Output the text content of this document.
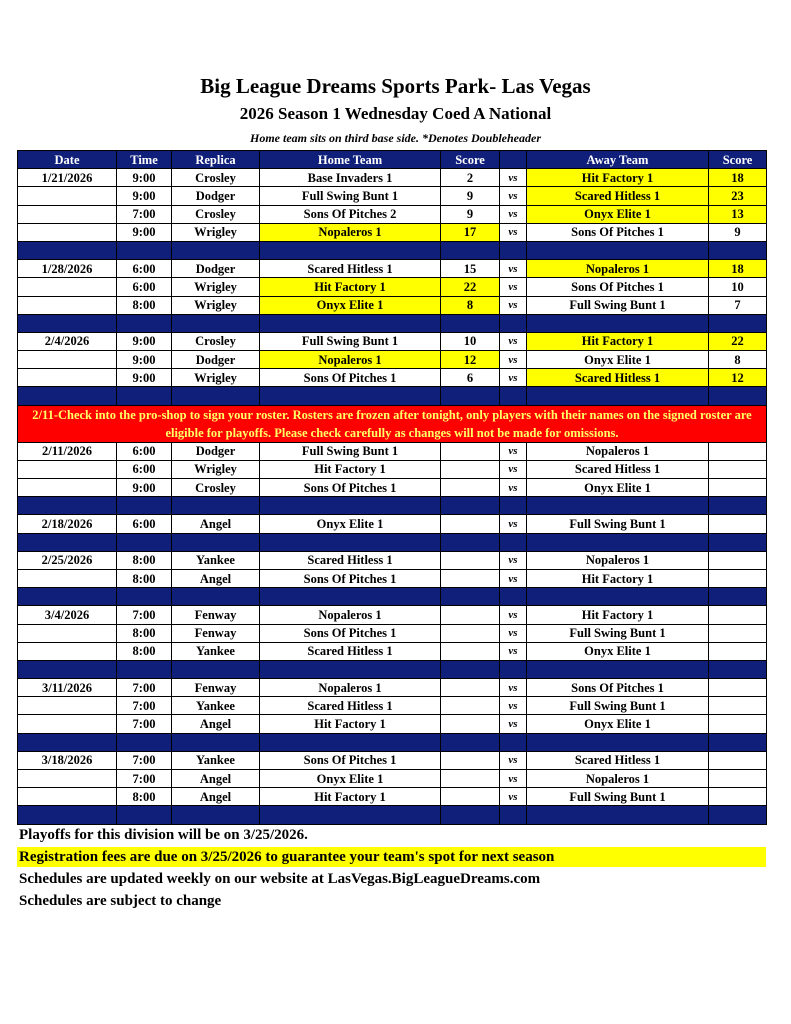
Big League Dreams Sports Park- Las Vegas
2026 Season 1 Wednesday Coed A National
Home team sits on third base side. *Denotes Doubleheader
Date	Time	Replica	Home Team	Score		Away Team	Score
1/21/2026	9:00	Crosley	Base Invaders 1	2	vs	Hit Factory 1	18
	9:00	Dodger	Full Swing Bunt 1	9	vs	Scared Hitless 1	23
	7:00	Crosley	Sons Of Pitches 2	9	vs	Onyx Elite 1	13
	9:00	Wrigley	Nopaleros 1	17	vs	Sons Of Pitches 1	9

1/28/2026	6:00	Dodger	Scared Hitless 1	15	vs	Nopaleros 1	18
	6:00	Wrigley	Hit Factory 1	22	vs	Sons Of Pitches 1	10
	8:00	Wrigley	Onyx Elite 1	8	vs	Full Swing Bunt 1	7

2/4/2026	9:00	Crosley	Full Swing Bunt 1	10	vs	Hit Factory 1	22
	9:00	Dodger	Nopaleros 1	12	vs	Onyx Elite 1	8
	9:00	Wrigley	Sons Of Pitches 1	6	vs	Scared Hitless 1	12

2/11-Check into the pro-shop to sign your roster. Rosters are frozen after tonight, only players with their names on the signed roster are eligible for playoffs. Please check carefully as changes will not be made for omissions.							
2/11/2026	6:00	Dodger	Full Swing Bunt 1		vs	Nopaleros 1	
	6:00	Wrigley	Hit Factory 1		vs	Scared Hitless 1	
	9:00	Crosley	Sons Of Pitches 1		vs	Onyx Elite 1	

2/18/2026	6:00	Angel	Onyx Elite 1		vs	Full Swing Bunt 1	

2/25/2026	8:00	Yankee	Scared Hitless 1		vs	Nopaleros 1	
	8:00	Angel	Sons Of Pitches 1		vs	Hit Factory 1	

3/4/2026	7:00	Fenway	Nopaleros 1		vs	Hit Factory 1	
	8:00	Fenway	Sons Of Pitches 1		vs	Full Swing Bunt 1	
	8:00	Yankee	Scared Hitless 1		vs	Onyx Elite 1	

3/11/2026	7:00	Fenway	Nopaleros 1		vs	Sons Of Pitches 1	
	7:00	Yankee	Scared Hitless 1		vs	Full Swing Bunt 1	
	7:00	Angel	Hit Factory 1		vs	Onyx Elite 1	

3/18/2026	7:00	Yankee	Sons Of Pitches 1		vs	Scared Hitless 1	
	7:00	Angel	Onyx Elite 1		vs	Nopaleros 1	
	8:00	Angel	Hit Factory 1		vs	Full Swing Bunt 1	

Playoffs for this division will be on 3/25/2026.
Registration fees are due on 3/25/2026 to guarantee your team's spot for next season
Schedules are updated weekly on our website at LasVegas.BigLeagueDreams.com
Schedules are subject to change
